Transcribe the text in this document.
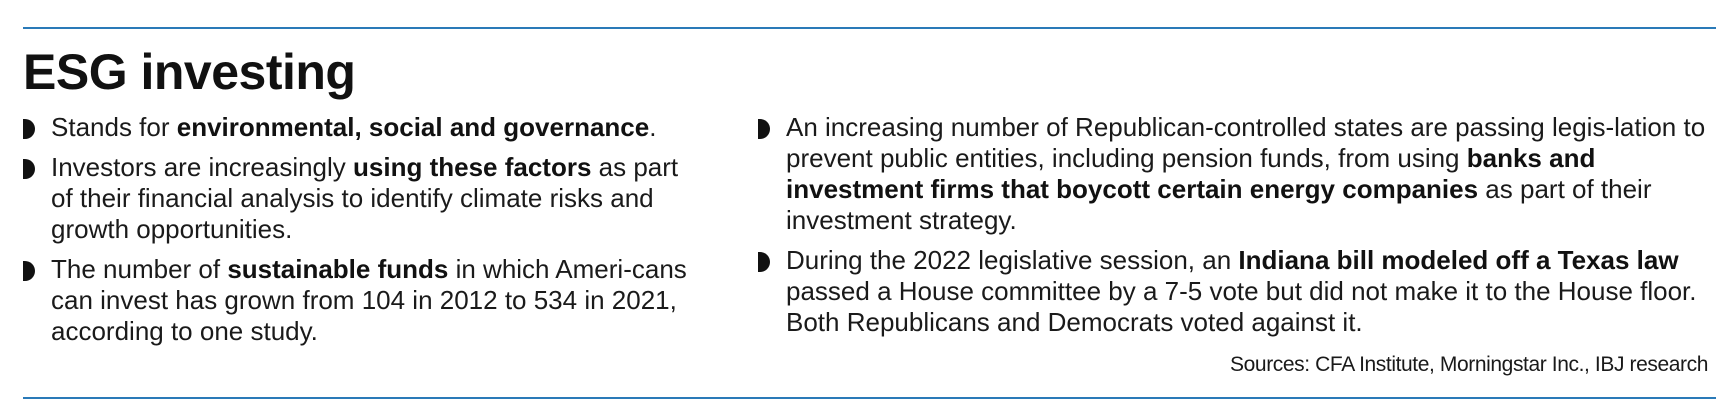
ESG investing
Stands for environmental, social and governance.
Investors are increasingly using these factors as part of their financial analysis to identify climate risks and growth opportunities.
The number of sustainable funds in which Ameri-cans can invest has grown from 104 in 2012 to 534 in 2021, according to one study.
An increasing number of Republican-controlled states are passing legis-lation to prevent public entities, including pension funds, from using banks and investment firms that boycott certain energy companies as part of their investment strategy.
During the 2022 legislative session, an Indiana bill modeled off a Texas law passed a House committee by a 7-5 vote but did not make it to the House floor. Both Republicans and Democrats voted against it.
Sources: CFA Institute, Morningstar Inc., IBJ research
